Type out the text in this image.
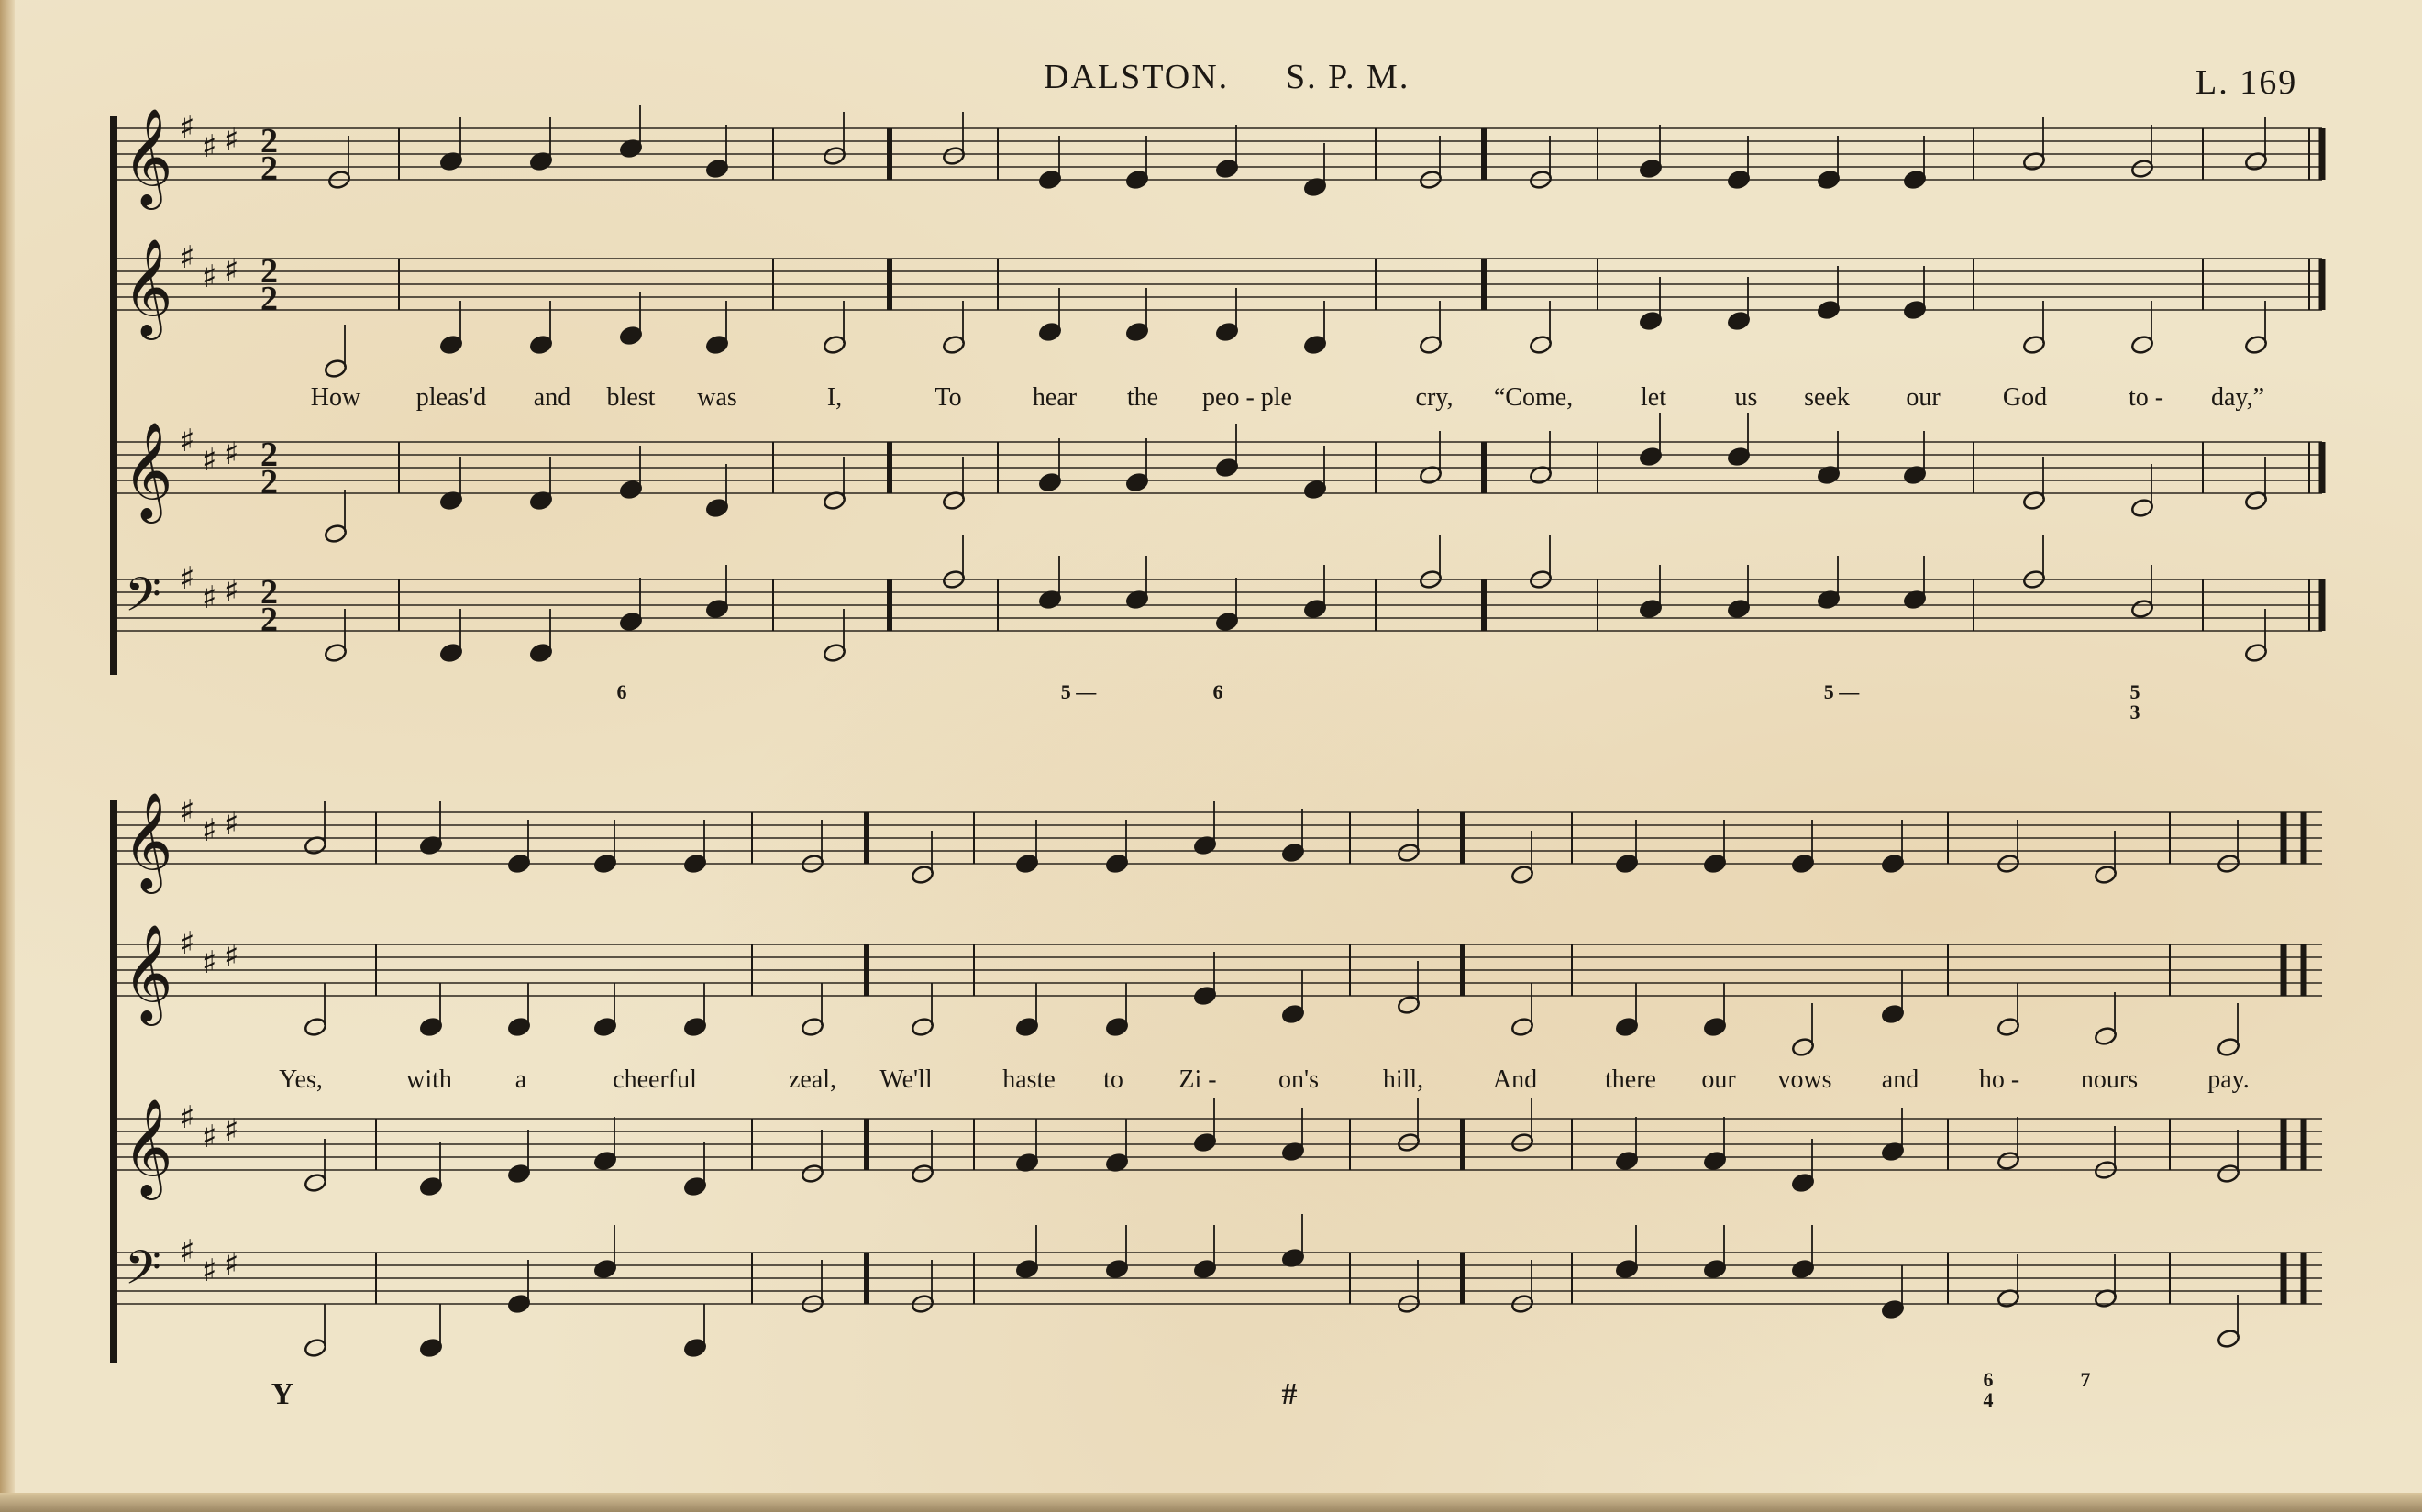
DALSTON. S. P. M.	L. 169
𝄞 ♯
♯ ♯ 2
2
𝄞 ♯
♯ ♯ 2
2
𝄞 ♯
♯ ♯ 2
2
𝄢 ♯
♯ ♯ 2
2
𝄞 ♯
♯ ♯
𝄞 ♯
♯ ♯
𝄞 ♯
♯ ♯
𝄢 ♯
♯ ♯
How pleas'd and blest was	I,	To	hear the peo - ple	cry, “Come,	let	us seek our God	to - day,”
Yes,	with a	cheerful	zeal, We'll	haste to Zi - on's hill,	And	there our vows and ho - nours	pay.
6	5 —	6	5 —	5
3
Y	#	6
4
7
